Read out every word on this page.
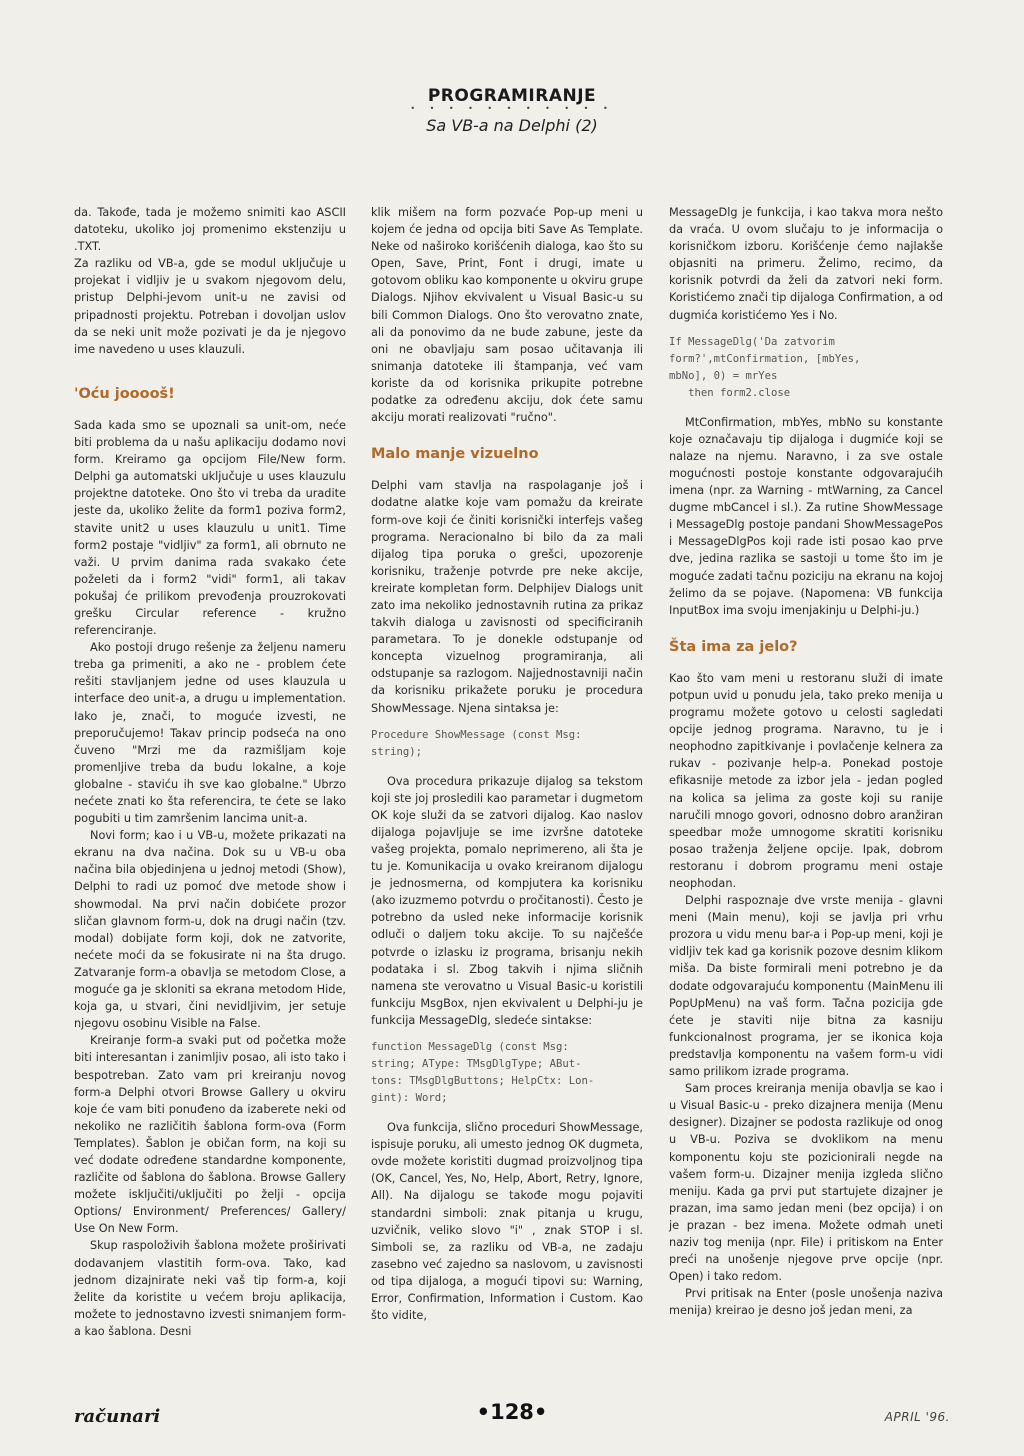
PROGRAMIRANJE
• • • • • • • • • • •
Sa VB-a na Delphi (2)

da. Takođe, tada je možemo snimiti kao ASCII datoteku, ukoliko joj promenimo ekstenziju u .TXT.

Za razliku od VB-a, gde se modul uključuje u projekat i vidljiv je u svakom njegovom delu, pristup Delphi-jevom unit-u ne zavisi od pripadnosti projektu. Potreban i dovoljan uslov da se neki unit može pozivati je da je njegovo ime navedeno u uses klauzuli.

'Oću jooooš!

Sada kada smo se upoznali sa unit-om, neće biti problema da u našu aplikaciju dodamo novi form. Kreiramo ga opcijom File/New form. Delphi ga automatski uključuje u uses klauzulu projektne datoteke. Ono što vi treba da uradite jeste da, ukoliko želite da form1 poziva form2, stavite unit2 u uses klauzulu u unit1. Time form2 postaje "vidljiv" za form1, ali obrnuto ne važi. U prvim danima rada svakako ćete poželeti da i form2 "vidi" form1, ali takav pokušaj će prilikom prevođenja prouzrokovati grešku Circular reference - kružno referenciranje.

Ako postoji drugo rešenje za željenu nameru treba ga primeniti, a ako ne - problem ćete rešiti stavljanjem jedne od uses klauzula u interface deo unit-a, a drugu u implementation. Iako je, znači, to moguće izvesti, ne preporučujemo! Takav princip podseća na ono čuveno "Mrzi me da razmišljam koje promenljive treba da budu lokalne, a koje globalne - staviću ih sve kao globalne." Ubrzo nećete znati ko šta referencira, te ćete se lako pogubiti u tim zamršenim lancima unit-a.

Novi form; kao i u VB-u, možete prikazati na ekranu na dva načina. Dok su u VB-u oba načina bila objedinjena u jednoj metodi (Show), Delphi to radi uz pomoć dve metode show i showmodal. Na prvi način dobićete prozor sličan glavnom form-u, dok na drugi način (tzv. modal) dobijate form koji, dok ne zatvorite, nećete moći da se fokusirate ni na šta drugo. Zatvaranje form-a obavlja se metodom Close, a moguće ga je skloniti sa ekrana metodom Hide, koja ga, u stvari, čini nevidljivim, jer setuje njegovu osobinu Visible na False.

Kreiranje form-a svaki put od početka može biti interesantan i zanimljiv posao, ali isto tako i bespotreban. Zato vam pri kreiranju novog form-a Delphi otvori Browse Gallery u okviru koje će vam biti ponuđeno da izaberete neki od nekoliko ne različitih šablona form-ova (Form Templates). Šablon je običan form, na koji su već dodate određene standardne komponente, različite od šablona do šablona. Browse Gallery možete isključiti/uključiti po želji - opcija Options/ Environment/ Preferences/ Gallery/ Use On New Form.

Skup raspoloživih šablona možete proširivati dodavanjem vlastitih form-ova. Tako, kad jednom dizajnirate neki vaš tip form-a, koji želite da koristite u većem broju aplikacija, možete to jednostavno izvesti snimanjem form-a kao šablona. Desni

klik mišem na form pozvaće Pop-up meni u kojem će jedna od opcija biti Save As Template. Neke od naširoko korišćenih dialoga, kao što su Open, Save, Print, Font i drugi, imate u gotovom obliku kao komponente u okviru grupe Dialogs. Njihov ekvivalent u Visual Basic-u su bili Common Dialogs. Ono što verovatno znate, ali da ponovimo da ne bude zabune, jeste da oni ne obavljaju sam posao učitavanja ili snimanja datoteke ili štampanja, već vam koriste da od korisnika prikupite potrebne podatke za određenu akciju, dok ćete samu akciju morati realizovati "ručno".

Malo manje vizuelno

Delphi vam stavlja na raspolaganje još i dodatne alatke koje vam pomažu da kreirate form-ove koji će činiti korisnički interfejs vašeg programa. Neracionalno bi bilo da za mali dijalog tipa poruka o grešci, upozorenje korisniku, traženje potvrde pre neke akcije, kreirate kompletan form. Delphijev Dialogs unit zato ima nekoliko jednostavnih rutina za prikaz takvih dialoga u zavisnosti od specificiranih parametara. To je donekle odstupanje od koncepta vizuelnog programiranja, ali odstupanje sa razlogom. Najjednostavniji način da korisniku prikažete poruku je procedura ShowMessage. Njena sintaksa je:

Procedure ShowMessage (const Msg:
string);

Ova procedura prikazuje dijalog sa tekstom koji ste joj prosledili kao parametar i dugmetom OK koje služi da se zatvori dijalog. Kao naslov dijaloga pojavljuje se ime izvršne datoteke vašeg projekta, pomalo neprimereno, ali šta je tu je. Komunikacija u ovako kreiranom dijalogu je jednosmerna, od kompjutera ka korisniku (ako izuzmemo potvrdu o pročitanosti). Često je potrebno da usled neke informacije korisnik odluči o daljem toku akcije. To su najčešće potvrde o izlasku iz programa, brisanju nekih podataka i sl. Zbog takvih i njima sličnih namena ste verovatno u Visual Basic-u koristili funkciju MsgBox, njen ekvivalent u Delphi-ju je funkcija MessageDlg, sledeće sintakse:

function MessageDlg (const Msg:
string; AType: TMsgDlgType; ABut-
tons: TMsgDlgButtons; HelpCtx: Lon-
gint): Word;

Ova funkcija, slično proceduri ShowMessage, ispisuje poruku, ali umesto jednog OK dugmeta, ovde možete koristiti dugmad proizvoljnog tipa (OK, Cancel, Yes, No, Help, Abort, Retry, Ignore, All). Na dijalogu se takođe mogu pojaviti standardni simboli: znak pitanja u krugu, uzvičnik, veliko slovo "i" , znak STOP i sl. Simboli se, za razliku od VB-a, ne zadaju zasebno već zajedno sa naslovom, u zavisnosti od tipa dijaloga, a mogući tipovi su: Warning, Error, Confirmation, Information i Custom. Kao što vidite,

MessageDlg je funkcija, i kao takva mora nešto da vraća. U ovom slučaju to je informacija o korisničkom izboru. Korišćenje ćemo najlakše objasniti na primeru. Želimo, recimo, da korisnik potvrdi da želi da zatvori neki form. Koristićemo znači tip dijaloga Confirmation, a od dugmića koristićemo Yes i No.

If MessageDlg('Da zatvorim
form?',mtConfirmation, [mbYes,
mbNo], 0) = mrYes
then form2.close

MtConfirmation, mbYes, mbNo su konstante koje označavaju tip dijaloga i dugmiće koji se nalaze na njemu. Naravno, i za sve ostale mogućnosti postoje konstante odgovarajućih imena (npr. za Warning - mtWarning, za Cancel dugme mbCancel i sl.). Za rutine ShowMessage i MessageDlg postoje pandani ShowMessagePos i MessageDlgPos koji rade isti posao kao prve dve, jedina razlika se sastoji u tome što im je moguće zadati tačnu poziciju na ekranu na kojoj želimo da se pojave. (Napomena: VB funkcija InputBox ima svoju imenjakinju u Delphi-ju.)

Šta ima za jelo?

Kao što vam meni u restoranu služi di imate potpun uvid u ponudu jela, tako preko menija u programu možete gotovo u celosti sagledati opcije jednog programa. Naravno, tu je i neophodno zapitkivanje i povlačenje kelnera za rukav - pozivanje help-a. Ponekad postoje efikasnije metode za izbor jela - jedan pogled na kolica sa jelima za goste koji su ranije naručili mnogo govori, odnosno dobro aranžiran speedbar može umnogome skratiti korisniku posao traženja željene opcije. Ipak, dobrom restoranu i dobrom programu meni ostaje neophodan.

Delphi raspoznaje dve vrste menija - glavni meni (Main menu), koji se javlja pri vrhu prozora u vidu menu bar-a i Pop-up meni, koji je vidljiv tek kad ga korisnik pozove desnim klikom miša. Da biste formirali meni potrebno je da dodate odgovarajuću komponentu (MainMenu ili PopUpMenu) na vaš form. Tačna pozicija gde ćete je staviti nije bitna za kasniju funkcionalnost programa, jer se ikonica koja predstavlja komponentu na vašem form-u vidi samo prilikom izrade programa.

Sam proces kreiranja menija obavlja se kao i u Visual Basic-u - preko dizajnera menija (Menu designer). Dizajner se podosta razlikuje od onog u VB-u. Poziva se dvoklikom na menu komponentu koju ste pozicionirali negde na vašem form-u. Dizajner menija izgleda slično meniju. Kada ga prvi put startujete dizajner je prazan, ima samo jedan meni (bez opcija) i on je prazan - bez imena. Možete odmah uneti naziv tog menija (npr. File) i pritiskom na Enter preći na unošenje njegove prve opcije (npr. Open) i tako redom.

Prvi pritisak na Enter (posle unošenja naziva menija) kreirao je desno još jedan meni, za

računari	•128•	APRIL '96.
